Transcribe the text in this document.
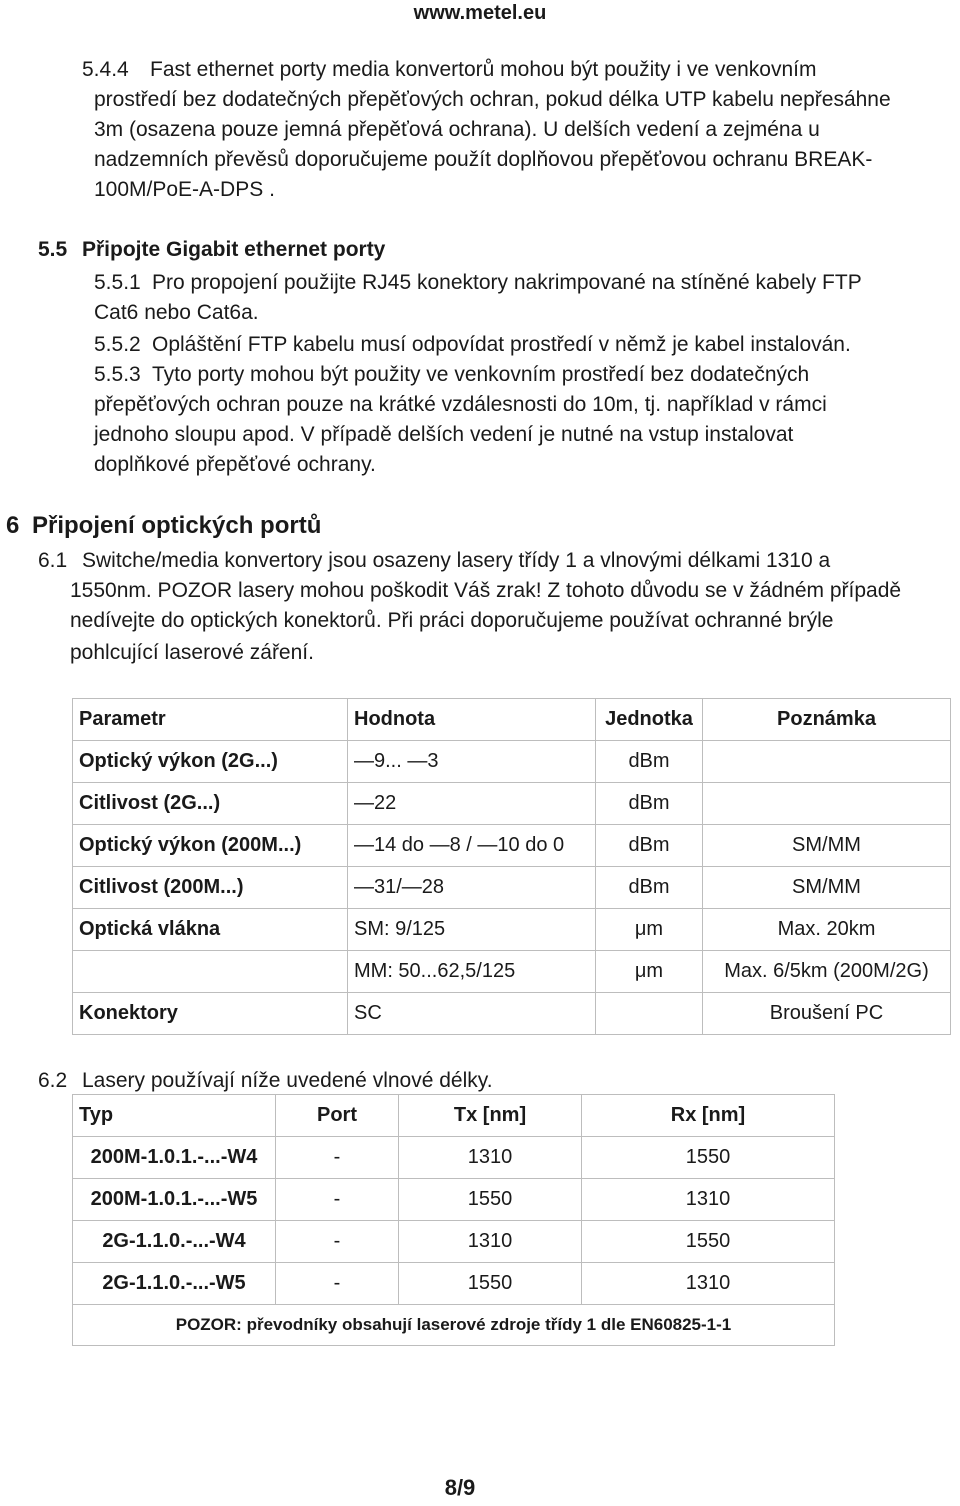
www.metel.eu
5.4.4 Fast ethernet porty media konvertorů mohou být použity i ve venkovním
prostředí bez dodatečných přepěťových ochran, pokud délka UTP kabelu nepřesáhne
3m (osazena pouze jemná přepěťová ochrana). U delších vedení a zejména u
nadzemních převěsů doporučujeme použít doplňovou přepěťovou ochranu BREAK-
100M/PoE-A-DPS .
5.5 Připojte Gigabit ethernet porty
5.5.1 Pro propojení použijte RJ45 konektory nakrimpované na stíněné kabely FTP
Cat6 nebo Cat6a.
5.5.2 Opláštění FTP kabelu musí odpovídat prostředí v němž je kabel instalován.
5.5.3 Tyto porty mohou být použity ve venkovním prostředí bez dodatečných
přepěťových ochran pouze na krátké vzdálesnosti do 10m, tj. například v rámci
jednoho sloupu apod. V případě delších vedení je nutné na vstup instalovat
doplňkové přepěťové ochrany.
6 Připojení optických portů
6.1 Switche/media konvertory jsou osazeny lasery třídy 1 a vlnovými délkami 1310 a
1550nm. POZOR lasery mohou poškodit Váš zrak! Z tohoto důvodu se v žádném případě
nedívejte do optických konektorů. Při práci doporučujeme používat ochranné brýle
pohlcující laserové záření.
Parametr	Hodnota	Jednotka	Poznámka
Optický výkon (2G...)	—9... —3	dBm	
Citlivost (2G...)	—22	dBm	
Optický výkon (200M...)	—14 do —8 / —10 do 0	dBm	SM/MM
Citlivost (200M...)	—31/—28	dBm	SM/MM
Optická vlákna	SM: 9/125	μm	Max. 20km
	MM: 50...62,5/125	μm	Max. 6/5km (200M/2G)
Konektory	SC		Broušení PC
6.2 Lasery používají níže uvedené vlnové délky.
Typ	Port	Tx [nm]	Rx [nm]
200M-1.0.1.-...-W4	-	1310	1550
200M-1.0.1.-...-W5	-	1550	1310
2G-1.1.0.-...-W4	-	1310	1550
2G-1.1.0.-...-W5	-	1550	1310
POZOR: převodníky obsahují laserové zdroje třídy 1 dle EN60825-1-1			
8/9
